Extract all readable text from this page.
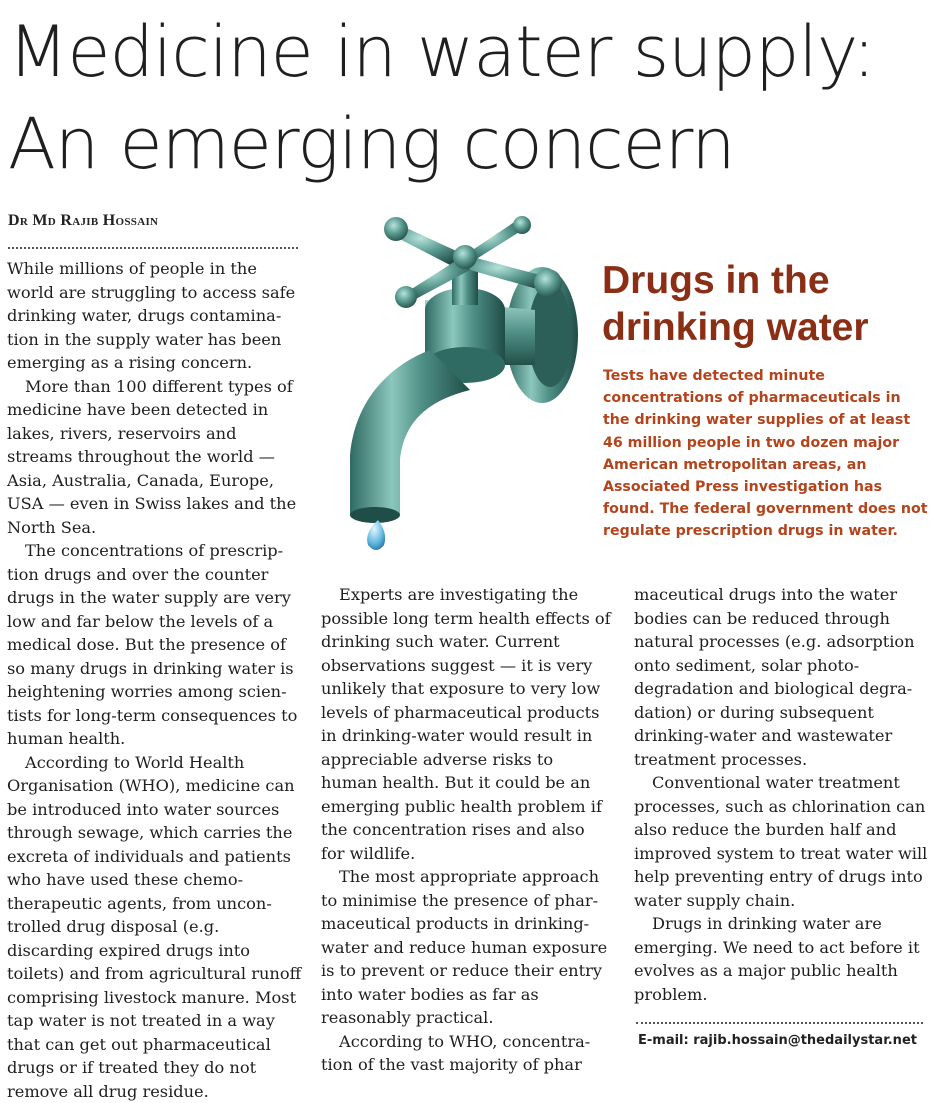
Medicine in water supply:
An emerging concern
Dr Md Rajib Hossain
Drugs in the
drinking water

Tests have detected minute concentrations of pharmaceuticals in the drinking water supplies of at least 46 million people in two dozen major American metropolitan areas, an Associated Press investigation has found. The federal government does not regulate prescription drugs in water.

While millions of people in the world are struggling to access safe drinking water, drugs contamination in the supply water has been emerging as a rising concern.

More than 100 different types of medicine have been detected in lakes, rivers, reservoirs and streams throughout the world — Asia, Australia, Canada, Europe, USA — even in Swiss lakes and the North Sea.

The concentrations of prescription drugs and over the counter drugs in the water supply are very low and far below the levels of a medical dose. But the presence of so many drugs in drinking water is heightening worries among scientists for long-term consequences to human health.

According to World Health Organisation (WHO), medicine can be introduced into water sources through sewage, which carries the excreta of individuals and patients who have used these chemotherapeutic agents, from uncontrolled drug disposal (e.g. discarding expired drugs into toilets) and from agricultural runoff comprising livestock manure. Most tap water is not treated in a way that can get out pharmaceutical drugs or if treated they do not remove all drug residue.

Experts are investigating the possible long term health effects of drinking such water. Current observations suggest — it is very unlikely that exposure to very low levels of pharmaceutical products in drinking-water would result in appreciable adverse risks to human health. But it could be an emerging public health problem if the concentration rises and also for wildlife.

The most appropriate approach to minimise the presence of pharmaceutical products in drinking-water and reduce human exposure is to prevent or reduce their entry into water bodies as far as reasonably practical.

According to WHO, concentration of the vast majority of phar

maceutical drugs into the water bodies can be reduced through natural processes (e.g. adsorption onto sediment, solar photodegradation and biological degradation) or during subsequent drinking-water and wastewater treatment processes.

Conventional water treatment processes, such as chlorination can also reduce the burden half and improved system to treat water will help preventing entry of drugs into water supply chain.

Drugs in drinking water are emerging. We need to act before it evolves as a major public health problem.

E-mail: rajib.hossain@thedailystar.net
